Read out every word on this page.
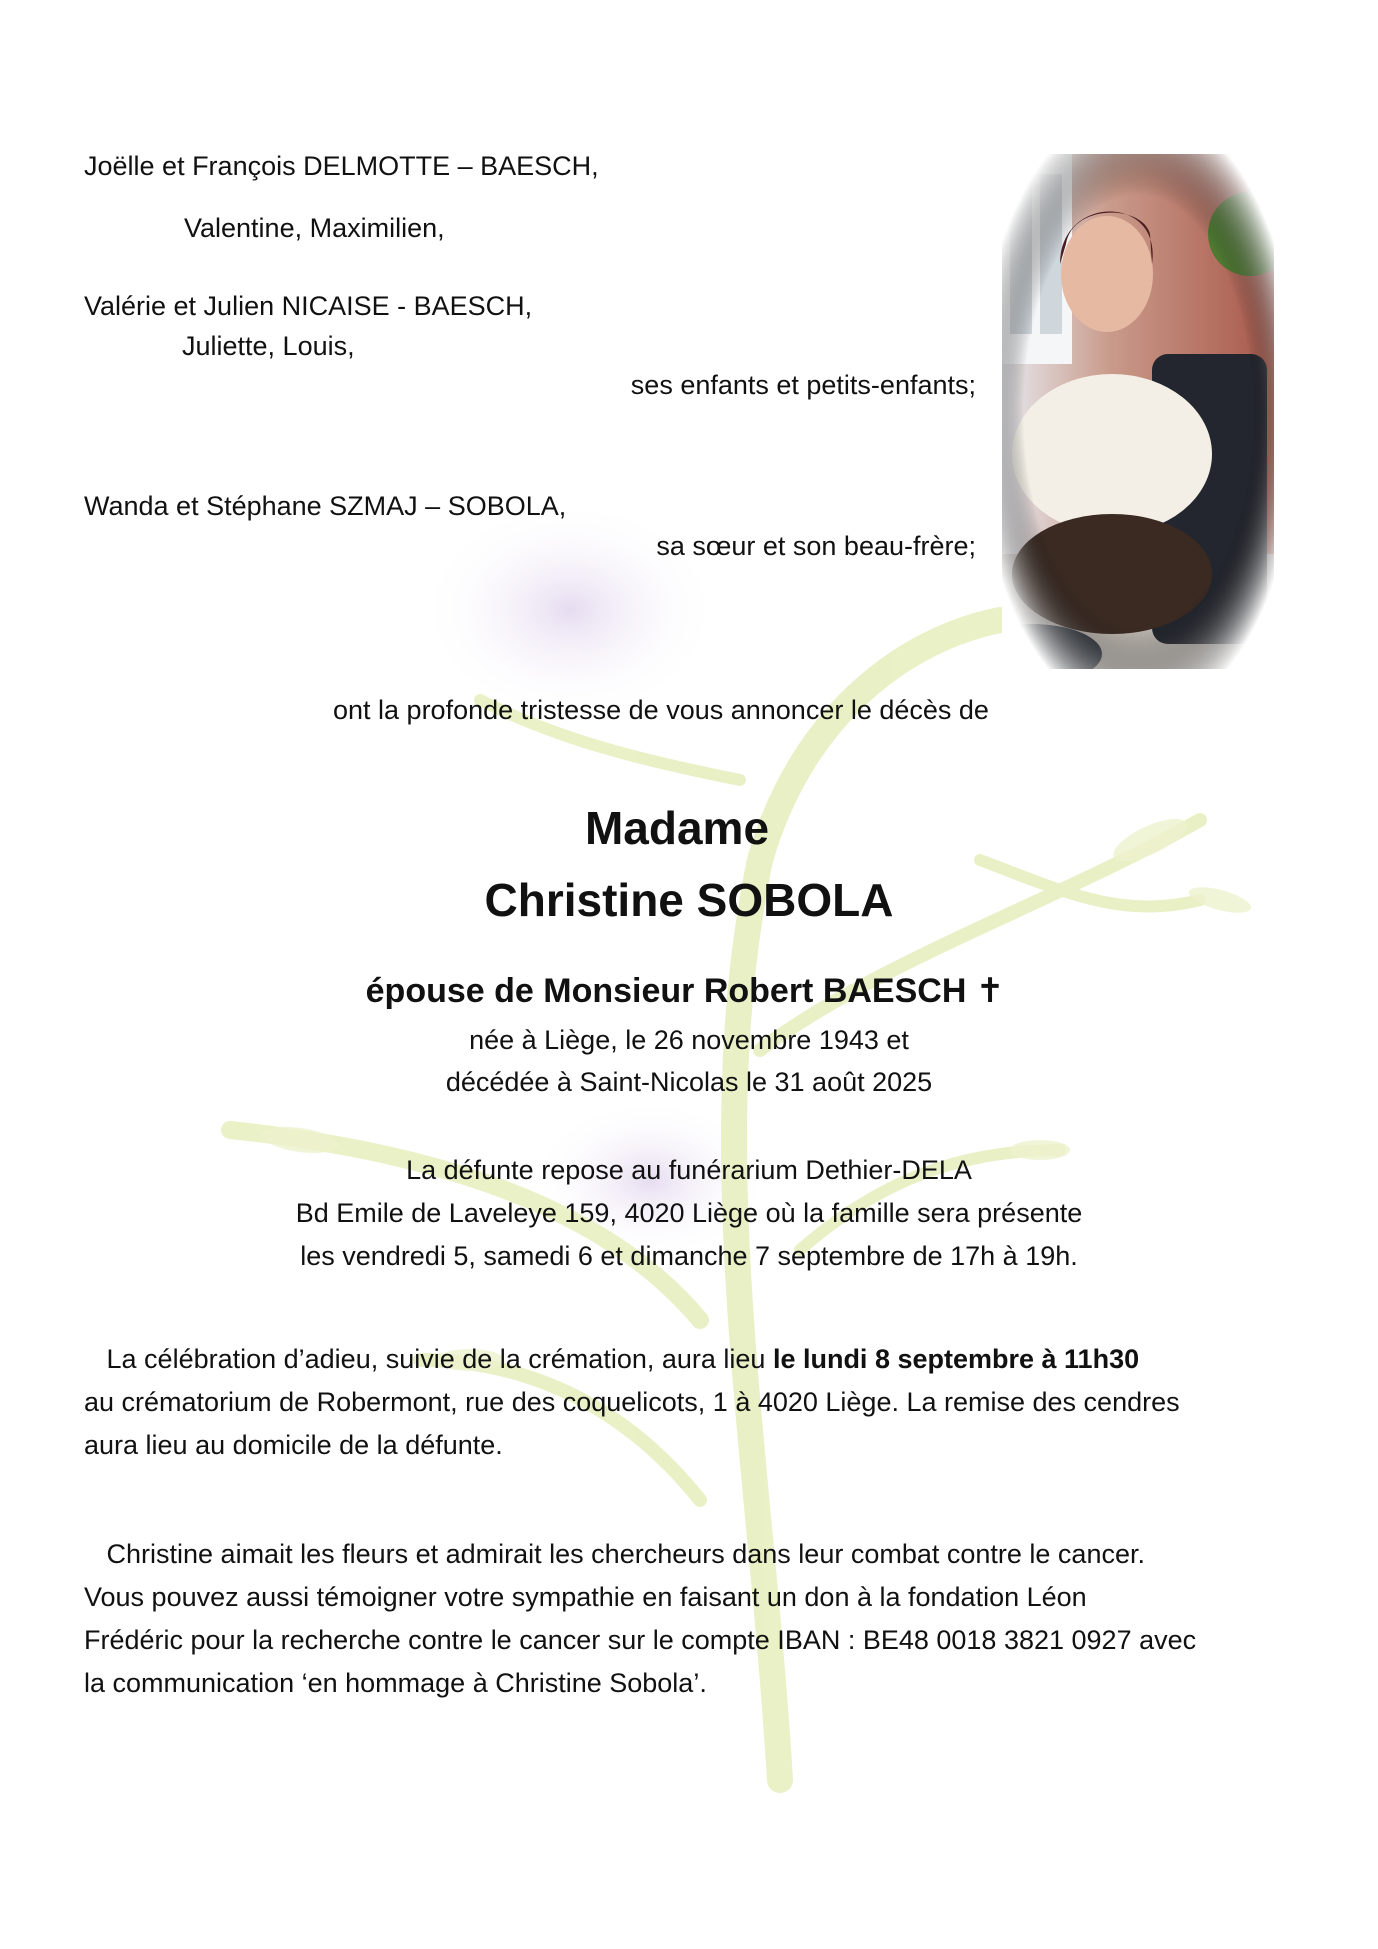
Joëlle et François DELMOTTE – BAESCH,
Valentine, Maximilien,
Valérie et Julien NICAISE - BAESCH,
Juliette, Louis,
ses enfants et petits-enfants;
Wanda et Stéphane SZMAJ – SOBOLA,
sa sœur et son beau-frère;
ont la profonde tristesse de vous annoncer le décès de
Madame
Christine SOBOLA
épouse de Monsieur Robert BAESCH ✝
née à Liège, le 26 novembre 1943 et
décédée à Saint-Nicolas le 31 août 2025
La défunte repose au funérarium Dethier-DELA
Bd Emile de Laveleye 159, 4020 Liège où la famille sera présente
les vendredi 5, samedi 6 et dimanche 7 septembre de 17h à 19h.

La célébration d’adieu, suivie de la crémation, aura lieu le lundi 8 septembre à 11h30

au crématorium de Robermont, rue des coquelicots, 1 à 4020 Liège. La remise des cendres

aura lieu au domicile de la défunte.

Christine aimait les fleurs et admirait les chercheurs dans leur combat contre le cancer.

Vous pouvez aussi témoigner votre sympathie en faisant un don à la fondation Léon

Frédéric pour la recherche contre le cancer sur le compte IBAN : BE48 0018 3821 0927 avec

la communication ‘en hommage à Christine Sobola’.
